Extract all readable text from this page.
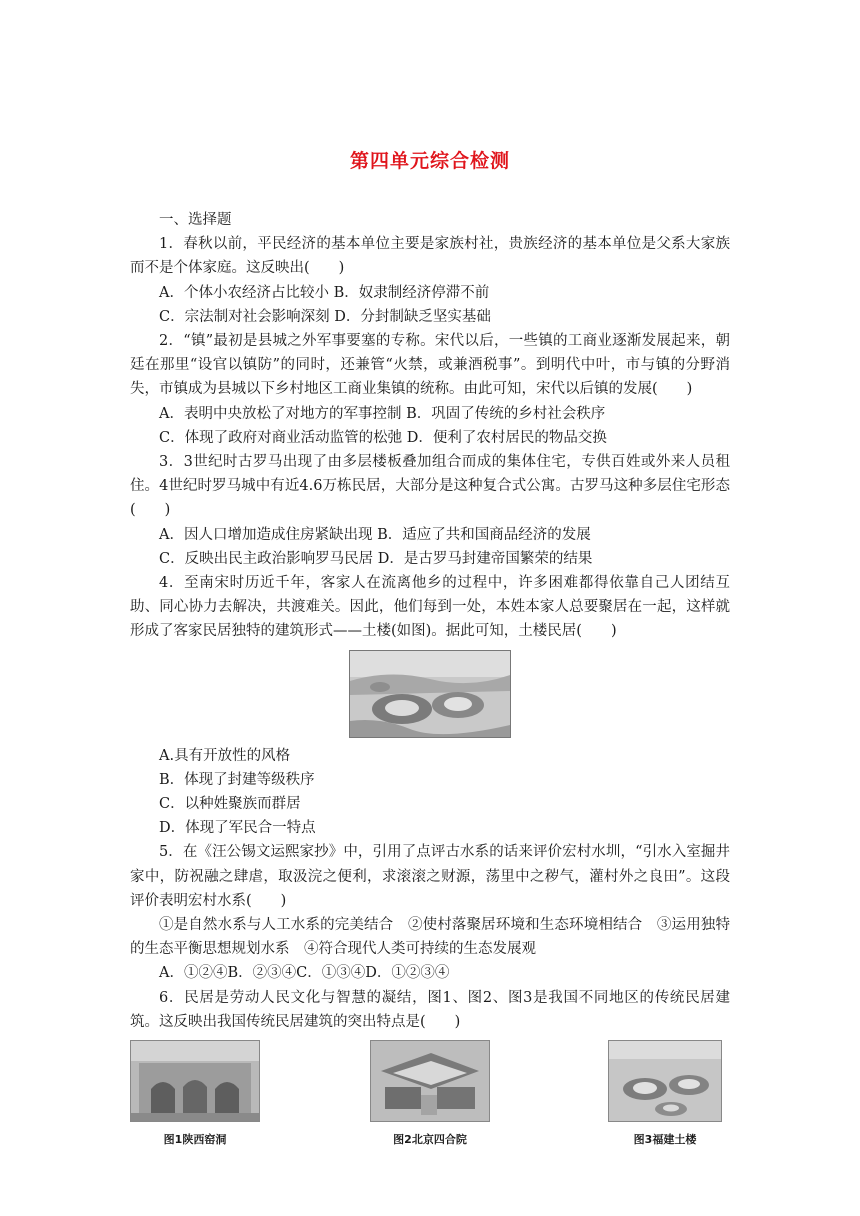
第四单元综合检测

一、选择题

1．春秋以前，平民经济的基本单位主要是家族村社，贵族经济的基本单位是父系大家族而不是个体家庭。这反映出(　　)

A．个体小农经济占比较小 B．奴隶制经济停滞不前

C．宗法制对社会影响深刻 D．分封制缺乏坚实基础

2．“镇”最初是县城之外军事要塞的专称。宋代以后，一些镇的工商业逐渐发展起来，朝廷在那里“设官以镇防”的同时，还兼管“火禁，或兼酒税事”。到明代中叶，市与镇的分野消失，市镇成为县城以下乡村地区工商业集镇的统称。由此可知，宋代以后镇的发展(　　)

A．表明中央放松了对地方的军事控制 B．巩固了传统的乡村社会秩序

C．体现了政府对商业活动监管的松弛 D．便利了农村居民的物品交换

3．3世纪时古罗马出现了由多层楼板叠加组合而成的集体住宅，专供百姓或外来人员租住。4世纪时罗马城中有近4.6万栋民居，大部分是这种复合式公寓。古罗马这种多层住宅形态(　　)

A．因人口增加造成住房紧缺出现 B．适应了共和国商品经济的发展

C．反映出民主政治影响罗马民居 D．是古罗马封建帝国繁荣的结果

4．至南宋时历近千年，客家人在流离他乡的过程中，许多困难都得依靠自己人团结互助、同心协力去解决，共渡难关。因此，他们每到一处，本姓本家人总要聚居在一起，这样就形成了客家民居独特的建筑形式——土楼(如图)。据此可知，土楼民居(　　)

A.具有开放性的风格

B．体现了封建等级秩序

C．以种姓聚族而群居

D．体现了军民合一特点

5．在《汪公锡文运熙家抄》中，引用了点评古水系的话来评价宏村水圳，“引水入室掘井家中，防祝融之肆虐，取汲浣之便利，求滚滚之财源，荡里中之秽气，灌村外之良田”。这段评价表明宏村水系(　　)

①是自然水系与人工水系的完美结合　②使村落聚居环境和生态环境相结合　③运用独特的生态平衡思想规划水系　④符合现代人类可持续的生态发展观

A．①②④B．②③④C．①③④D．①②③④

6．民居是劳动人民文化与智慧的凝结，图1、图2、图3是我国不同地区的传统民居建筑。这反映出我国传统民居建筑的突出特点是(　　)

图1陕西窑洞	图2北京四合院	图3福建土楼
